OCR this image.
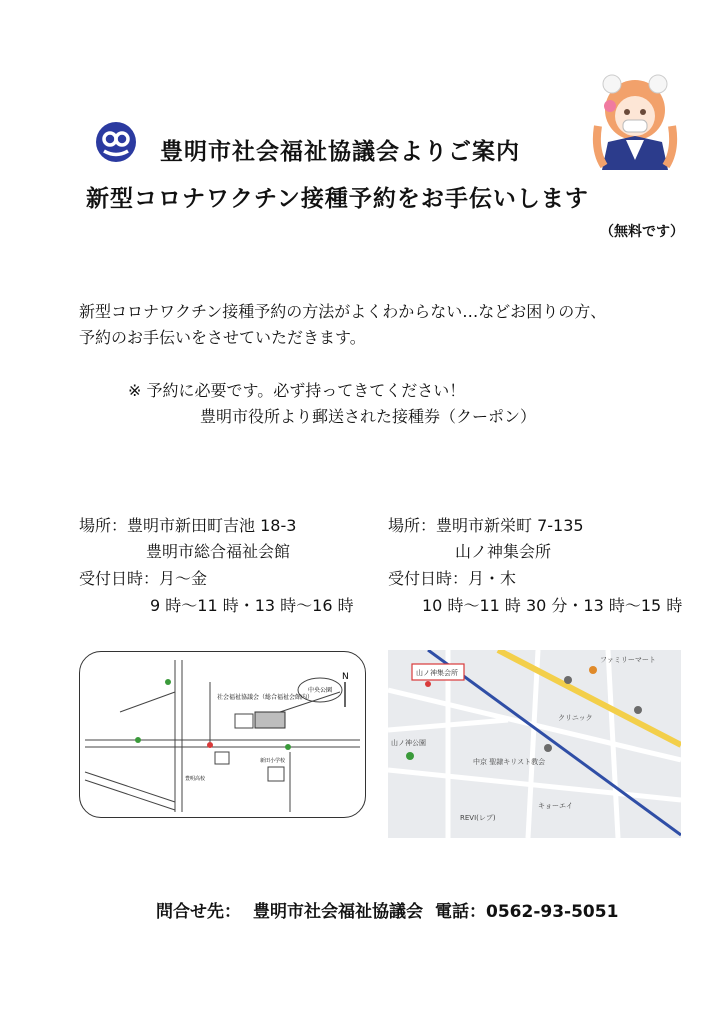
豊明市社会福祉協議会よりご案内
新型コロナワクチン接種予約をお手伝いします
（無料です）
新型コロナワクチン接種予約の方法がよくわからない…などお困りの方、
予約のお手伝いをさせていただきます。
※ 予約に必要です。必ず持ってきてください！
豊明市役所より郵送された接種券（クーポン）
場所：豊明市新田町吉池 18-3
豊明市総合福祉会館
受付日時：月～金
9 時～11 時・13 時～16 時
場所：豊明市新栄町 7-135
山ノ神集会所
受付日時：月・木
10 時～11 時 30 分・13 時～15 時
N
社会福祉協議会（総合福祉会館内）
中央公園
豊明高校
新田小学校
山ノ神集会所
山ノ神公園
中京 聖隷キリスト教会
クリニック
ファミリーマート
キョーエイ
REVI(レブ)
問合せ先： 豊明市社会福祉協議会 電話：0562-93-5051
